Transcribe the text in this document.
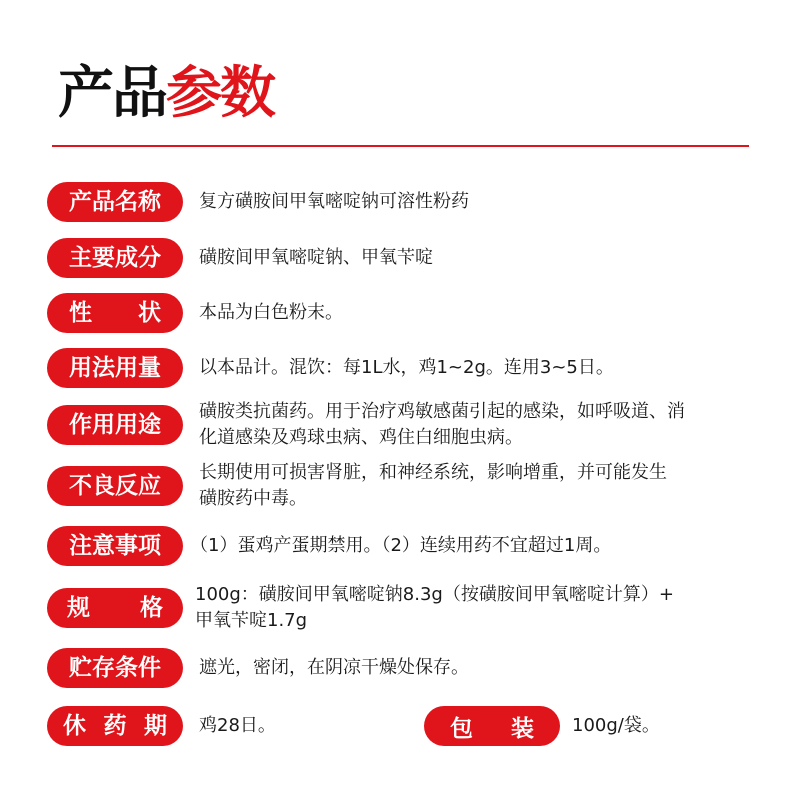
产品参数
产品名称 复方磺胺间甲氧嘧啶钠可溶性粉药
主要成分 磺胺间甲氧嘧啶钠、甲氧苄啶
性 状 本品为白色粉末。
用法用量 以本品计。混饮：每1L水，鸡1~2g。连用3~5日。
作用用途
磺胺类抗菌药。用于治疗鸡敏感菌引起的感染，如呼吸道、消
化道感染及鸡球虫病、鸡住白细胞虫病。
不良反应
长期使用可损害肾脏，和神经系统，影响增重，并可能发生
磺胺药中毒。
注意事项 （1）蛋鸡产蛋期禁用。（2）连续用药不宜超过1周。
规 格
100g：磺胺间甲氧嘧啶钠8.3g（按磺胺间甲氧嘧啶计算）+
甲氧苄啶1.7g
贮存条件 遮光，密闭，在阴凉干燥处保存。
休 药 期 鸡28日。	包 装 100g/袋。
